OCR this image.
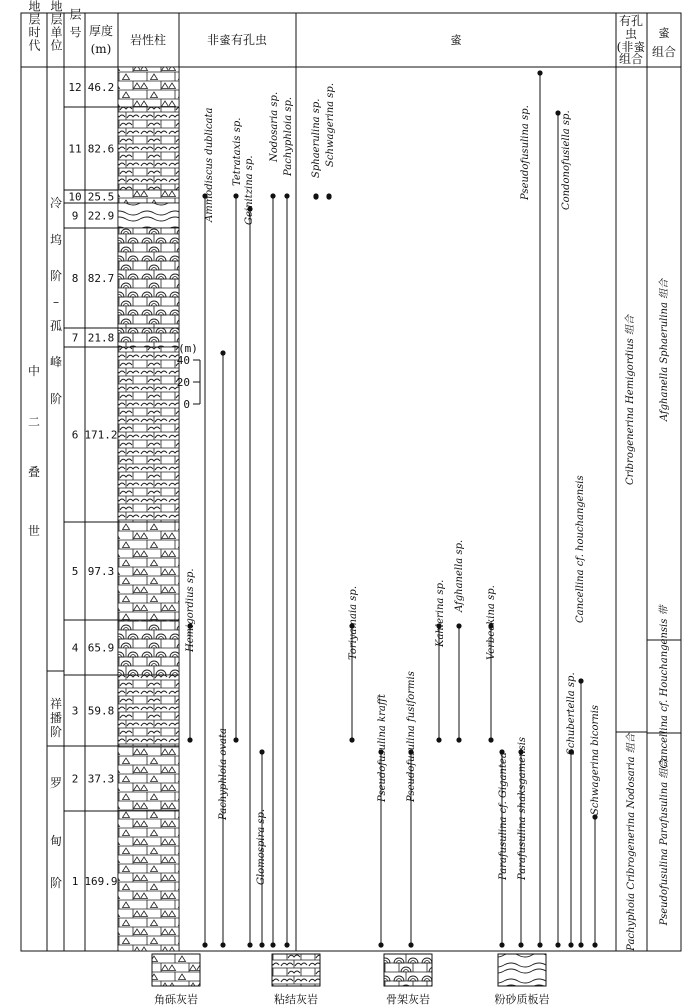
地层时代 地层单位 层号 厚度
(m)
岩性柱	非𧊒有孔虫	𧊒
有孔
虫
(非𧊒
组合
𧊒
组合
中
二
叠
世
冷
坞
阶
–
孤
峰
阶
祥
播
阶
罗
甸
阶
12 46.2
11 82.6
10 25.5
9 22.9
8 82.7
7 21.8
6 171.2
5 97.3
4 65.9
3 59.8
2 37.3
1 169.9
(m)
40
20
0
Ammodiscus dublicata
Hemigordius sp.
Pachyphloia ovata
Tetrataxis sp.
Glomospira sp.
Geinitzina sp.
Nodosaria sp. Pachyphloia sp. Sphaerulina sp. Schwagerina sp.
Pseudofusulina krafft Pseudofusulina fusiformis
Toriyamaia sp.	Kahlerina sp.
Afghanella sp.
Verbeekina sp.
Parafusulina cf. Gigantea Parafusulina shaksgamensis
Pseudofusulina sp.	Condonofusiella sp.
Schubertella sp.
Cancellina cf. houchangensis
Schwagerina bicornis
Cribrogenerina Hemigordius 组合
Pachyphoia Cribrogenerina Nodosaria 组合
Afghanella Sphaerulina 组合
Cancellina cf. Houchangensis 带
Pseudofusulina Parafusulina 组合
角砾灰岩	粘结灰岩	骨架灰岩	粉砂质板岩
